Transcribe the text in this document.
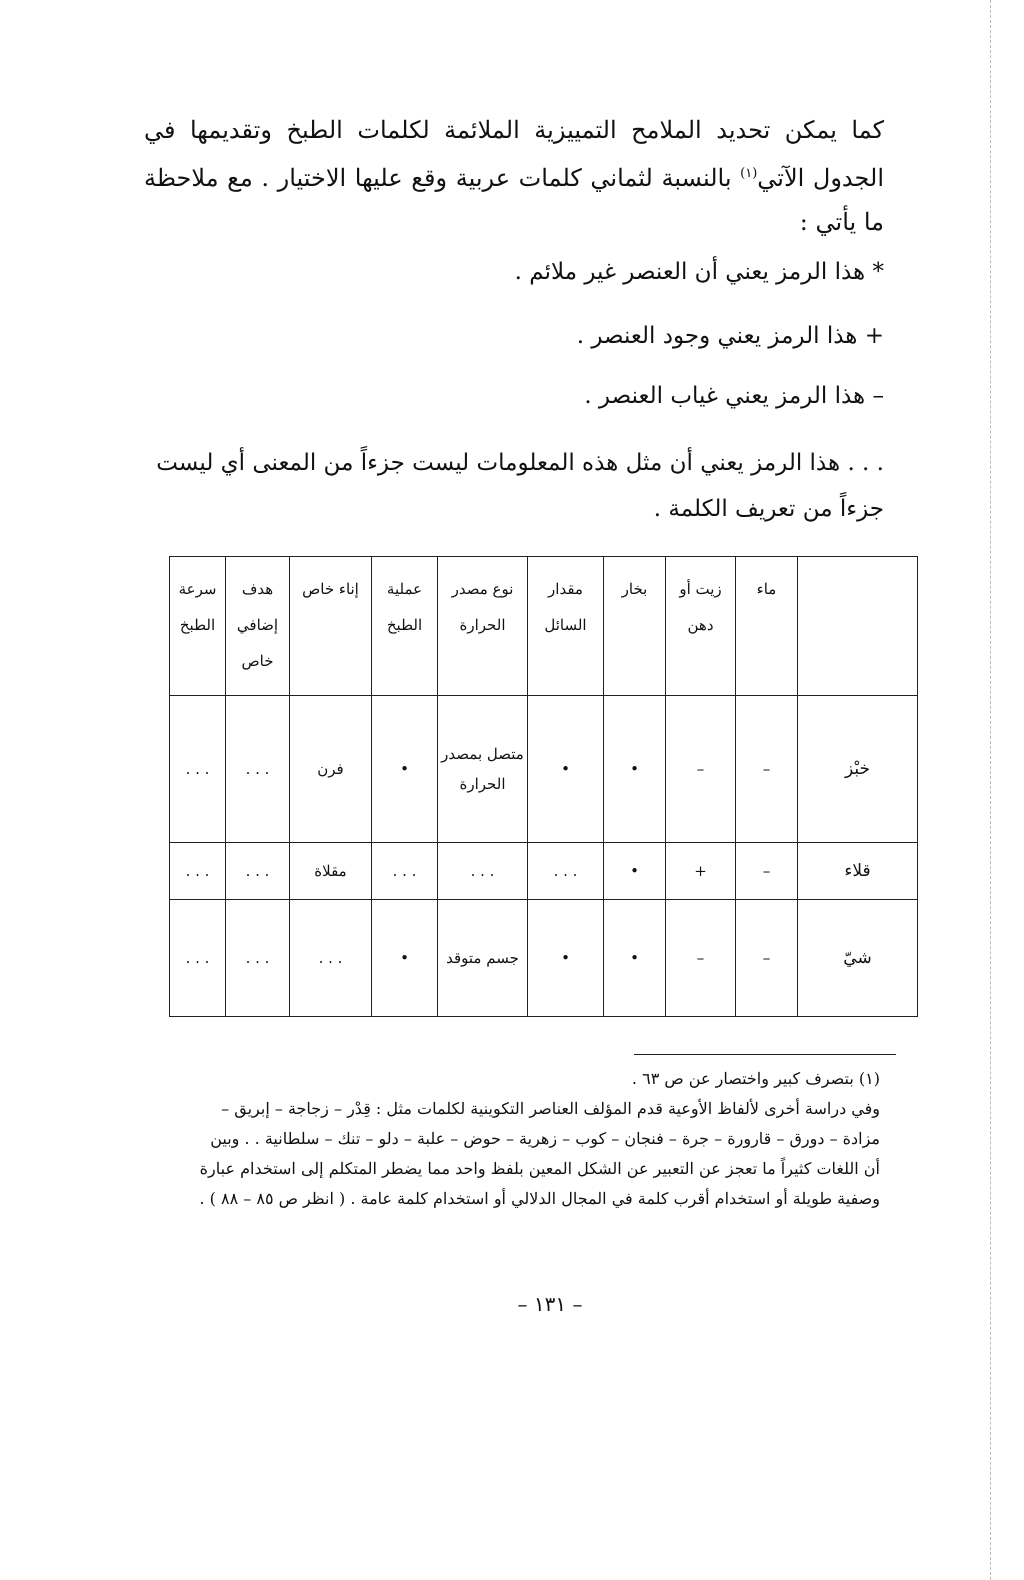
كما يمكن تحديد الملامح التمييزية الملائمة لكلمات الطبخ وتقديمها في الجدول الآتي$^{(١)}$ بالنسبة لثماني كلمات عربية وقع عليها الاختيار . مع ملاحظة ما يأتي :

* هذا الرمز يعني أن العنصر غير ملائم .

+ هذا الرمز يعني وجود العنصر .

– هذا الرمز يعني غياب العنصر .

. . . هذا الرمز يعني أن مثل هذه المعلومات ليست جزءاً من المعنى أي ليست جزءاً من تعريف الكلمة .

	ماء	زيت أو دهن	بخار	مقدار السائل	نوع مصدر الحرارة	عملية الطبخ	إناء خاص	هدف إضافي خاص	سرعة الطبخ
خبْز	–	–	•	•	متصل بمصدر الحرارة	•	فرن	. . .	. . .
قلاء	–	+	•	. . .	. . .	. . .	مقلاة	. . .	. . .
شيّ	–	–	•	•	جسم متوقد	•	. . .	. . .	. . .

(١) بتصرف كبير واختصار عن ص ٦٣ .

وفي دراسة أخرى لألفاظ الأوعية قدم المؤلف العناصر التكوينية لكلمات مثل : قِدْر – زجاجة – إبريق – مزادة – دورق – قارورة – جرة – فنجان – كوب – زهرية – حوض – علبة – دلو – تنك – سلطانية . . وبين أن اللغات كثيراً ما تعجز عن التعبير عن الشكل المعين بلفظ واحد مما يضطر المتكلم إلى استخدام عبارة وصفية طويلة أو استخدام أقرب كلمة في المجال الدلالي أو استخدام كلمة عامة . ( انظر ص ٨٥ – ٨٨ ) .

– ١٣١ –
